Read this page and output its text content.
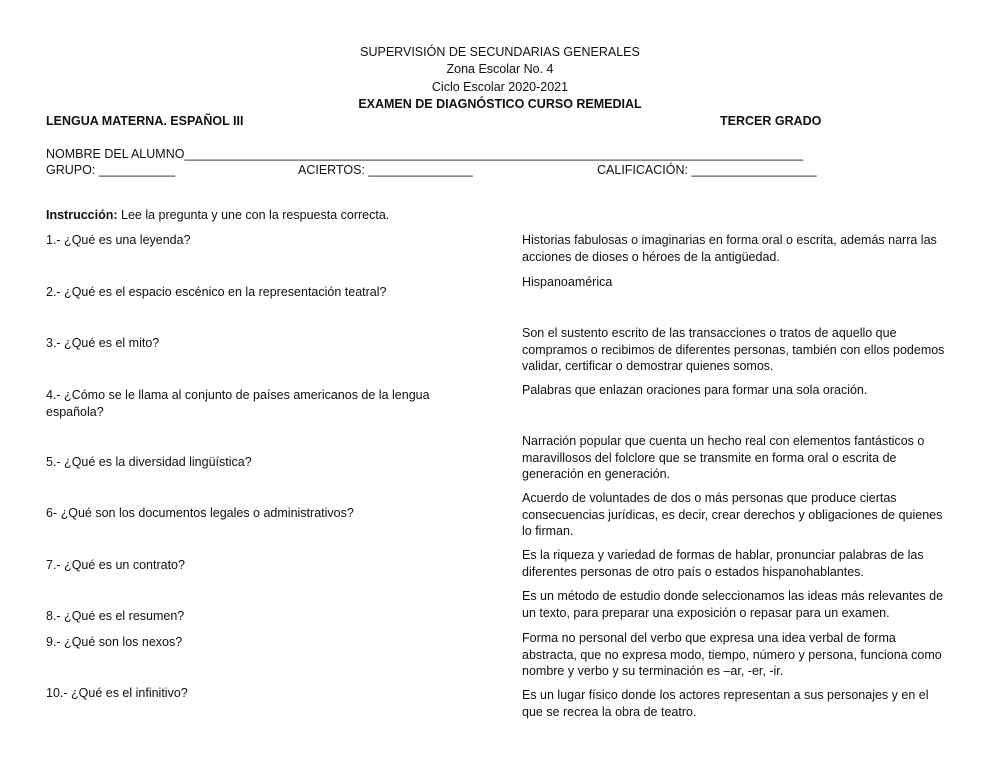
SUPERVISIÓN DE SECUNDARIAS GENERALES
Zona Escolar No. 4
Ciclo Escolar 2020-2021
EXAMEN DE DIAGNÓSTICO CURSO REMEDIAL
LENGUA MATERNA. ESPAÑOL III	TERCER GRADO
NOMBRE DEL ALUMNO_________________________________________________________________________________________
GRUPO: ___________	ACIERTOS: _______________	CALIFICACIÓN: __________________
Instrucción: Lee la pregunta y une con la respuesta correcta.
1.- ¿Qué es una leyenda?
2.- ¿Qué es el espacio escénico en la representación teatral?
3.- ¿Qué es el mito?
4.- ¿Cómo se le llama al conjunto de países americanos de la lengua española?
5.- ¿Qué es la diversidad lingüística?
6- ¿Qué son los documentos legales o administrativos?
7.- ¿Qué es un contrato?
8.- ¿Qué es el resumen?
9.- ¿Qué son los nexos?
10.- ¿Qué es el infinitivo?
Historias fabulosas o imaginarias en forma oral o escrita, además narra las acciones de dioses o héroes de la antigüedad.
Hispanoamérica
Son el sustento escrito de las transacciones o tratos de aquello que compramos o recibimos de diferentes personas, también con ellos podemos validar, certificar o demostrar quienes somos.
Palabras que enlazan oraciones para formar una sola oración.
Narración popular que cuenta un hecho real con elementos fantásticos o maravillosos del folclore que se transmite en forma oral o escrita de generación en generación.
Acuerdo de voluntades de dos o más personas que produce ciertas consecuencias jurídicas, es decir, crear derechos y obligaciones de quienes lo firman.
Es la riqueza y variedad de formas de hablar, pronunciar palabras de las diferentes personas de otro país o estados hispanohablantes.
Es un método de estudio donde seleccionamos las ideas más relevantes de un texto, para preparar una exposición o repasar para un examen.
Forma no personal del verbo que expresa una idea verbal de forma abstracta, que no expresa modo, tiempo, número y persona, funciona como nombre y verbo y su terminación es –ar, -er, -ir.
Es un lugar físico donde los actores representan a sus personajes y en el que se recrea la obra de teatro.
